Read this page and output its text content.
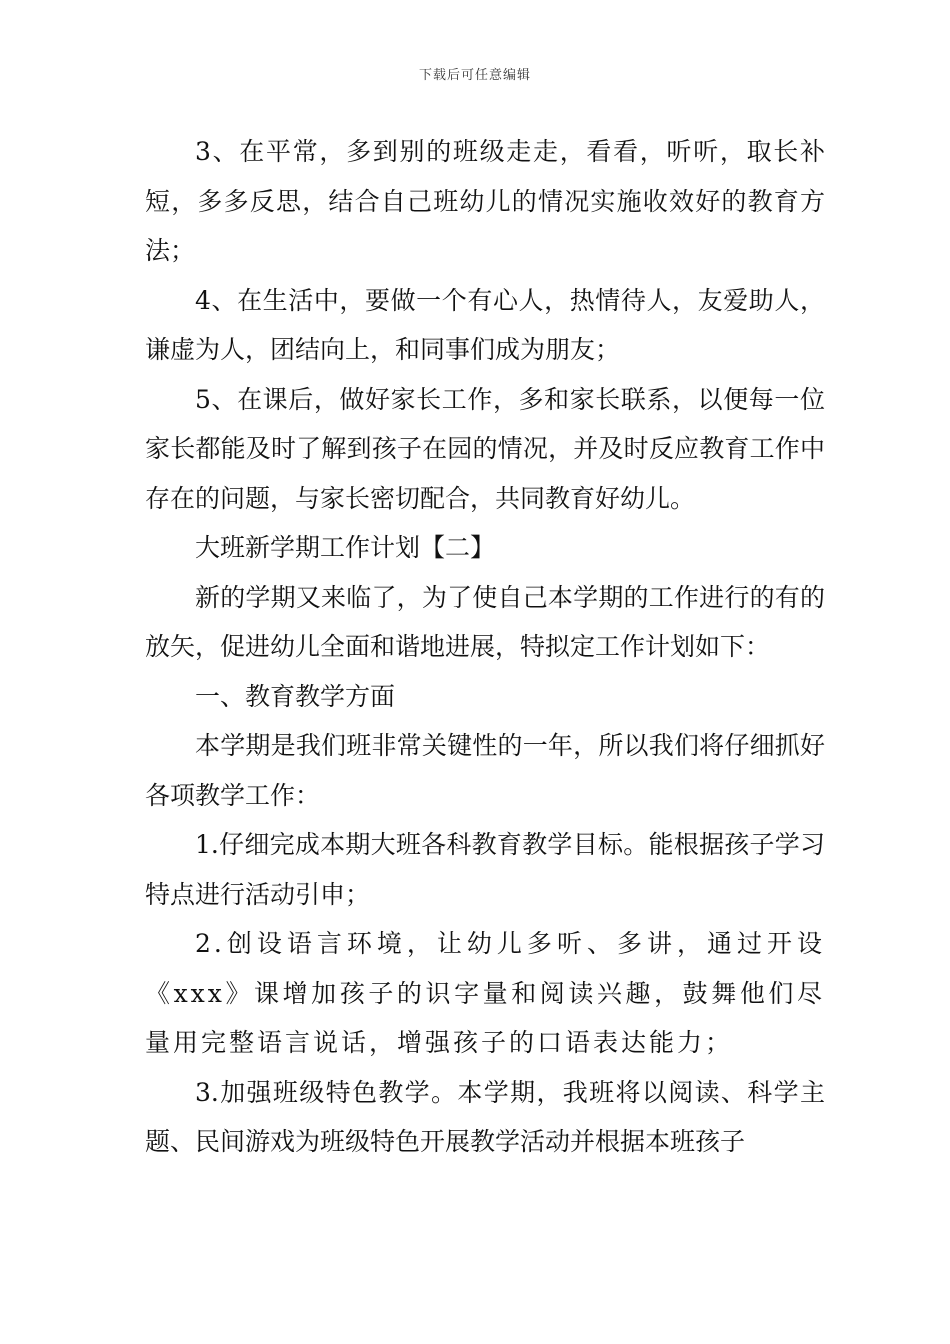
下载后可任意编辑

3、在平常，多到别的班级走走，看看，听听，取长补短，多多反思，结合自己班幼儿的情况实施收效好的教育方法；

4、在生活中，要做一个有心人，热情待人，友爱助人，谦虚为人，团结向上，和同事们成为朋友；

5、在课后，做好家长工作，多和家长联系，以便每一位家长都能及时了解到孩子在园的情况，并及时反应教育工作中存在的问题，与家长密切配合，共同教育好幼儿。

大班新学期工作计划【二】

新的学期又来临了，为了使自己本学期的工作进行的有的放矢，促进幼儿全面和谐地进展，特拟定工作计划如下：

一、教育教学方面

本学期是我们班非常关键性的一年，所以我们将仔细抓好各项教学工作：

1.仔细完成本期大班各科教育教学目标。能根据孩子学习特点进行活动引申；

2.创设语言环境，让幼儿多听、多讲，通过开设《xxx》课增加孩子的识字量和阅读兴趣，鼓舞他们尽量用完整语言说话，增强孩子的口语表达能力；

3.加强班级特色教学。本学期，我班将以阅读、科学主题、民间游戏为班级特色开展教学活动并根据本班孩子
